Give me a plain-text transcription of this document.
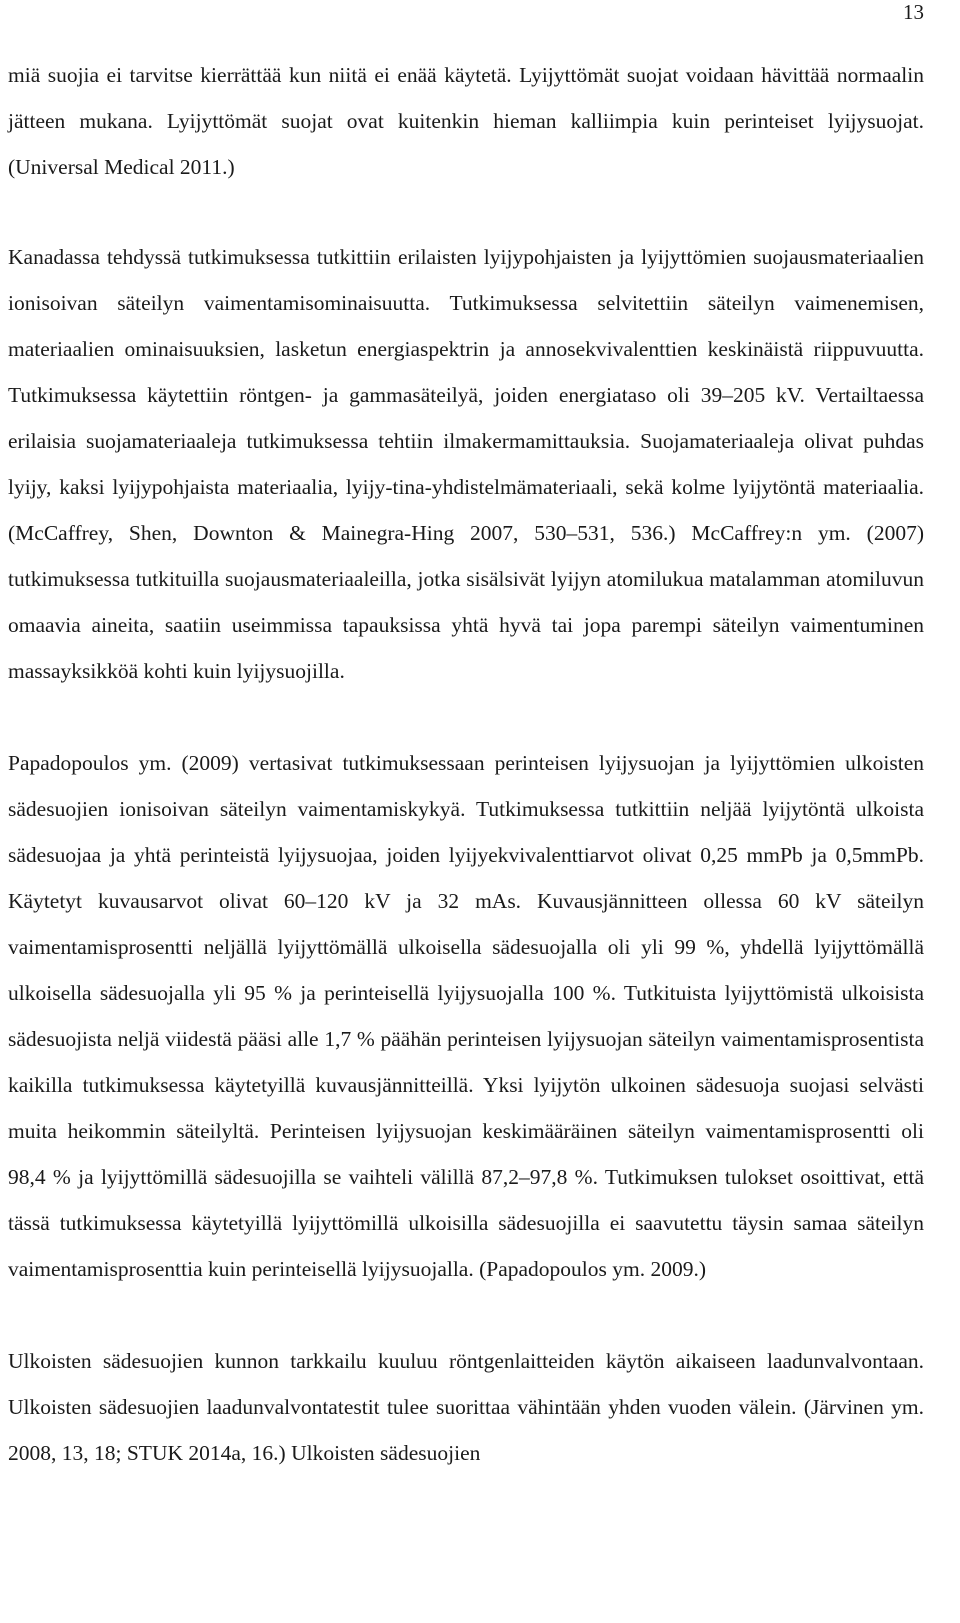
13

miä suojia ei tarvitse kierrättää kun niitä ei enää käytetä. Lyijyttömät suojat voidaan hävittää normaalin jätteen mukana. Lyijyttömät suojat ovat kuitenkin hieman kalliimpia kuin perinteiset lyijysuojat. (Universal Medical 2011.)

Kanadassa tehdyssä tutkimuksessa tutkittiin erilaisten lyijypohjaisten ja lyijyttömien suojausmateriaalien ionisoivan säteilyn vaimentamisominaisuutta. Tutkimuksessa selvitettiin säteilyn vaimenemisen, materiaalien ominaisuuksien, lasketun energiaspektrin ja annosekvivalenttien keskinäistä riippuvuutta. Tutkimuksessa käytettiin röntgen- ja gammasäteilyä, joiden energiataso oli 39–205 kV. Vertailtaessa erilaisia suojamateriaaleja tutkimuksessa tehtiin ilmakermamittauksia. Suojamateriaaleja olivat puhdas lyijy, kaksi lyijypohjaista materiaalia, lyijy-tina-yhdistelmämateriaali, sekä kolme lyijytöntä materiaalia. (McCaffrey, Shen, Downton & Mainegra-Hing 2007, 530–531, 536.) McCaffrey:n ym. (2007) tutkimuksessa tutkituilla suojausmateriaaleilla, jotka sisälsivät lyijyn atomilukua matalamman atomiluvun omaavia aineita, saatiin useimmissa tapauksissa yhtä hyvä tai jopa parempi säteilyn vaimentuminen massayksikköä kohti kuin lyijysuojilla.

Papadopoulos ym. (2009) vertasivat tutkimuksessaan perinteisen lyijysuojan ja lyijyttömien ulkoisten sädesuojien ionisoivan säteilyn vaimentamiskykyä. Tutkimuksessa tutkittiin neljää lyijytöntä ulkoista sädesuojaa ja yhtä perinteistä lyijysuojaa, joiden lyijyekvivalenttiarvot olivat 0,25 mmPb ja 0,5mmPb. Käytetyt kuvausarvot olivat 60–120 kV ja 32 mAs. Kuvausjännitteen ollessa 60 kV säteilyn vaimentamisprosentti neljällä lyijyttömällä ulkoisella sädesuojalla oli yli 99 %, yhdellä lyijyttömällä ulkoisella sädesuojalla yli 95 % ja perinteisellä lyijysuojalla 100 %. Tutkituista lyijyttömistä ulkoisista sädesuojista neljä viidestä pääsi alle 1,7 % päähän perinteisen lyijysuojan säteilyn vaimentamisprosentista kaikilla tutkimuksessa käytetyillä kuvausjännitteillä. Yksi lyijytön ulkoinen sädesuoja suojasi selvästi muita heikommin säteilyltä. Perinteisen lyijysuojan keskimääräinen säteilyn vaimentamisprosentti oli 98,4 % ja lyijyttömillä sädesuojilla se vaihteli välillä 87,2–97,8 %. Tutkimuksen tulokset osoittivat, että tässä tutkimuksessa käytetyillä lyijyttömillä ulkoisilla sädesuojilla ei saavutettu täysin samaa säteilyn vaimentamisprosenttia kuin perinteisellä lyijysuojalla. (Papadopoulos ym. 2009.)

Ulkoisten sädesuojien kunnon tarkkailu kuuluu röntgenlaitteiden käytön aikaiseen laadunvalvontaan. Ulkoisten sädesuojien laadunvalvontatestit tulee suorittaa vähintään yhden vuoden välein. (Järvinen ym. 2008, 13, 18; STUK 2014a, 16.) Ulkoisten sädesuojien
